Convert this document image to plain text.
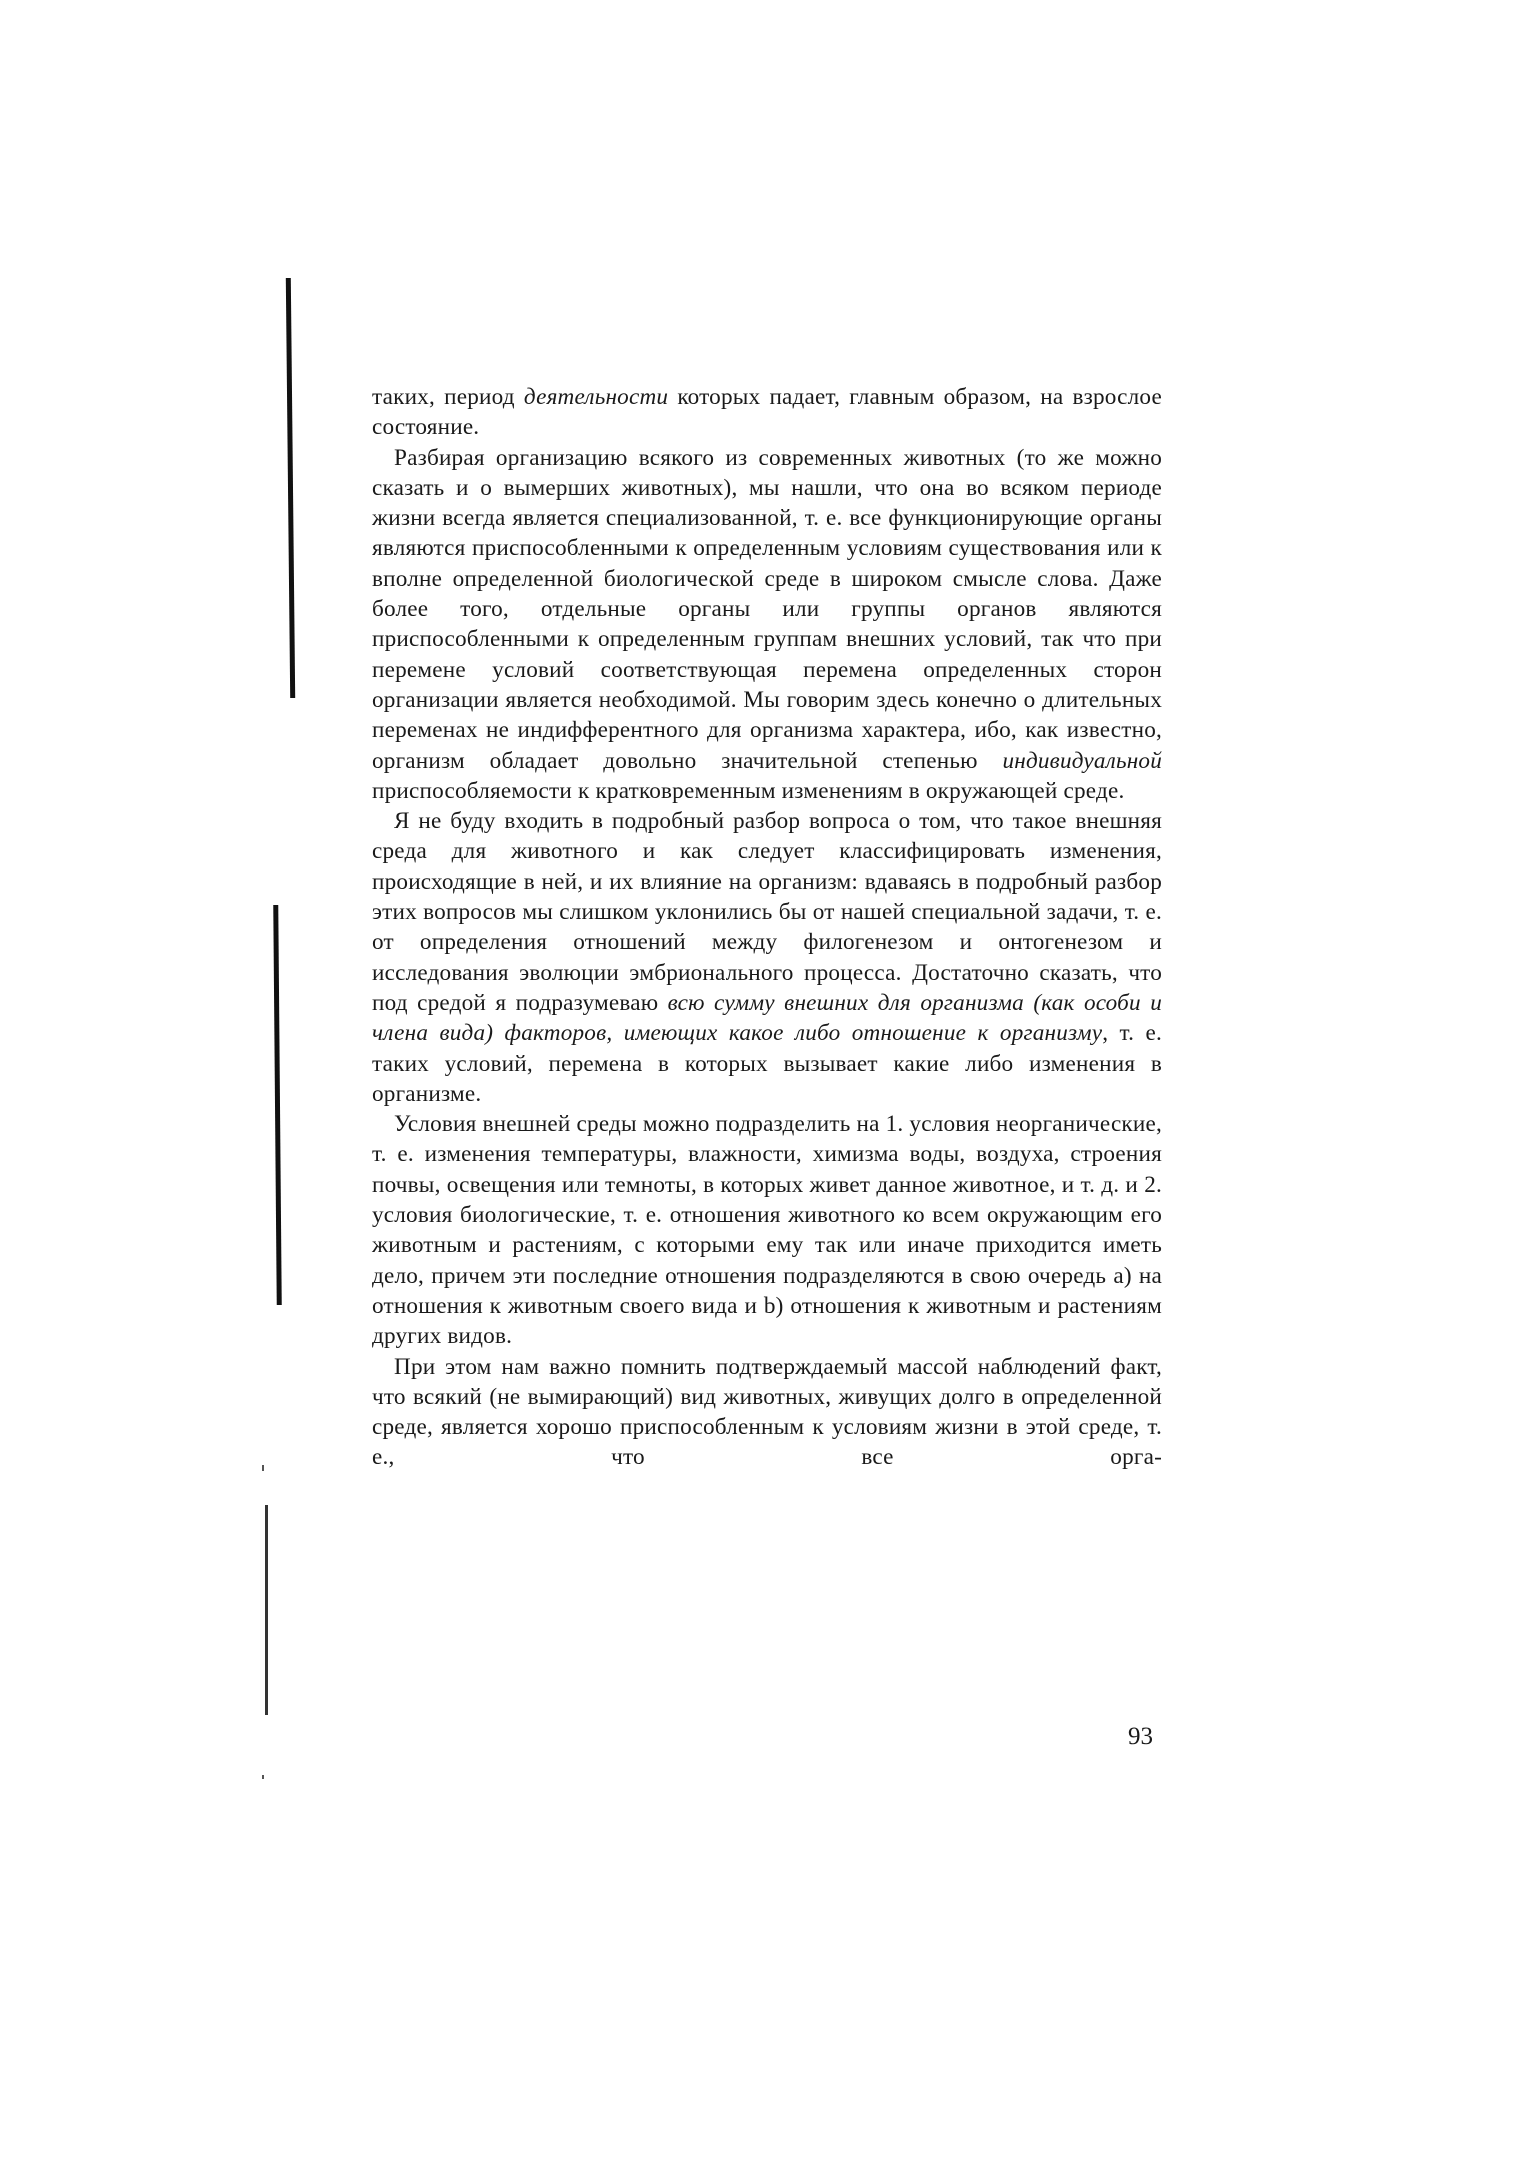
таких, период деятельности которых падает, главным образом, на взрослое состояние.

Разбирая организацию всякого из современных животных (то же можно сказать и о вымерших животных), мы нашли, что она во всяком периоде жизни всегда является специализованной, т. е. все функционирующие органы являются приспособленными к определенным условиям существования или к вполне определенной биологической среде в широком смысле слова. Даже более того, отдельные органы или группы органов являются приспособленными к определенным группам внешних условий, так что при перемене условий соответствующая перемена определенных сторон организации является необходимой. Мы говорим здесь конечно о длительных переменах не индифферентного для организма характера, ибо, как известно, организм обладает довольно значительной степенью индивидуальной приспособляемости к кратковременным изменениям в окружающей среде.

Я не буду входить в подробный разбор вопроса о том, что такое внешняя среда для животного и как следует классифицировать изменения, происходящие в ней, и их влияние на организм: вдаваясь в подробный разбор этих вопросов мы слишком уклонились бы от нашей специальной задачи, т. е. от определения отношений между филогенезом и онтогенезом и исследования эволюции эмбрионального процесса. Достаточно сказать, что под средой я подразумеваю всю сумму внешних для организма (как особи и члена вида) факторов, имеющих какое либо отношение к организму, т. е. таких условий, перемена в которых вызывает какие либо изменения в организме.

Условия внешней среды можно подразделить на 1. условия неорганические, т. е. изменения температуры, влажности, химизма воды, воздуха, строения почвы, освещения или темноты, в которых живет данное животное, и т. д. и 2. условия биологические, т. е. отношения животного ко всем окружающим его животным и растениям, с которыми ему так или иначе приходится иметь дело, причем эти последние отношения подразделяются в свою очередь a) на отношения к животным своего вида и b) отношения к животным и растениям других видов.

При этом нам важно помнить подтверждаемый массой наблюдений факт, что всякий (не вымирающий) вид животных, живущих долго в определенной среде, является хорошо приспособленным к условиям жизни в этой среде, т. е., что все орга-

93
